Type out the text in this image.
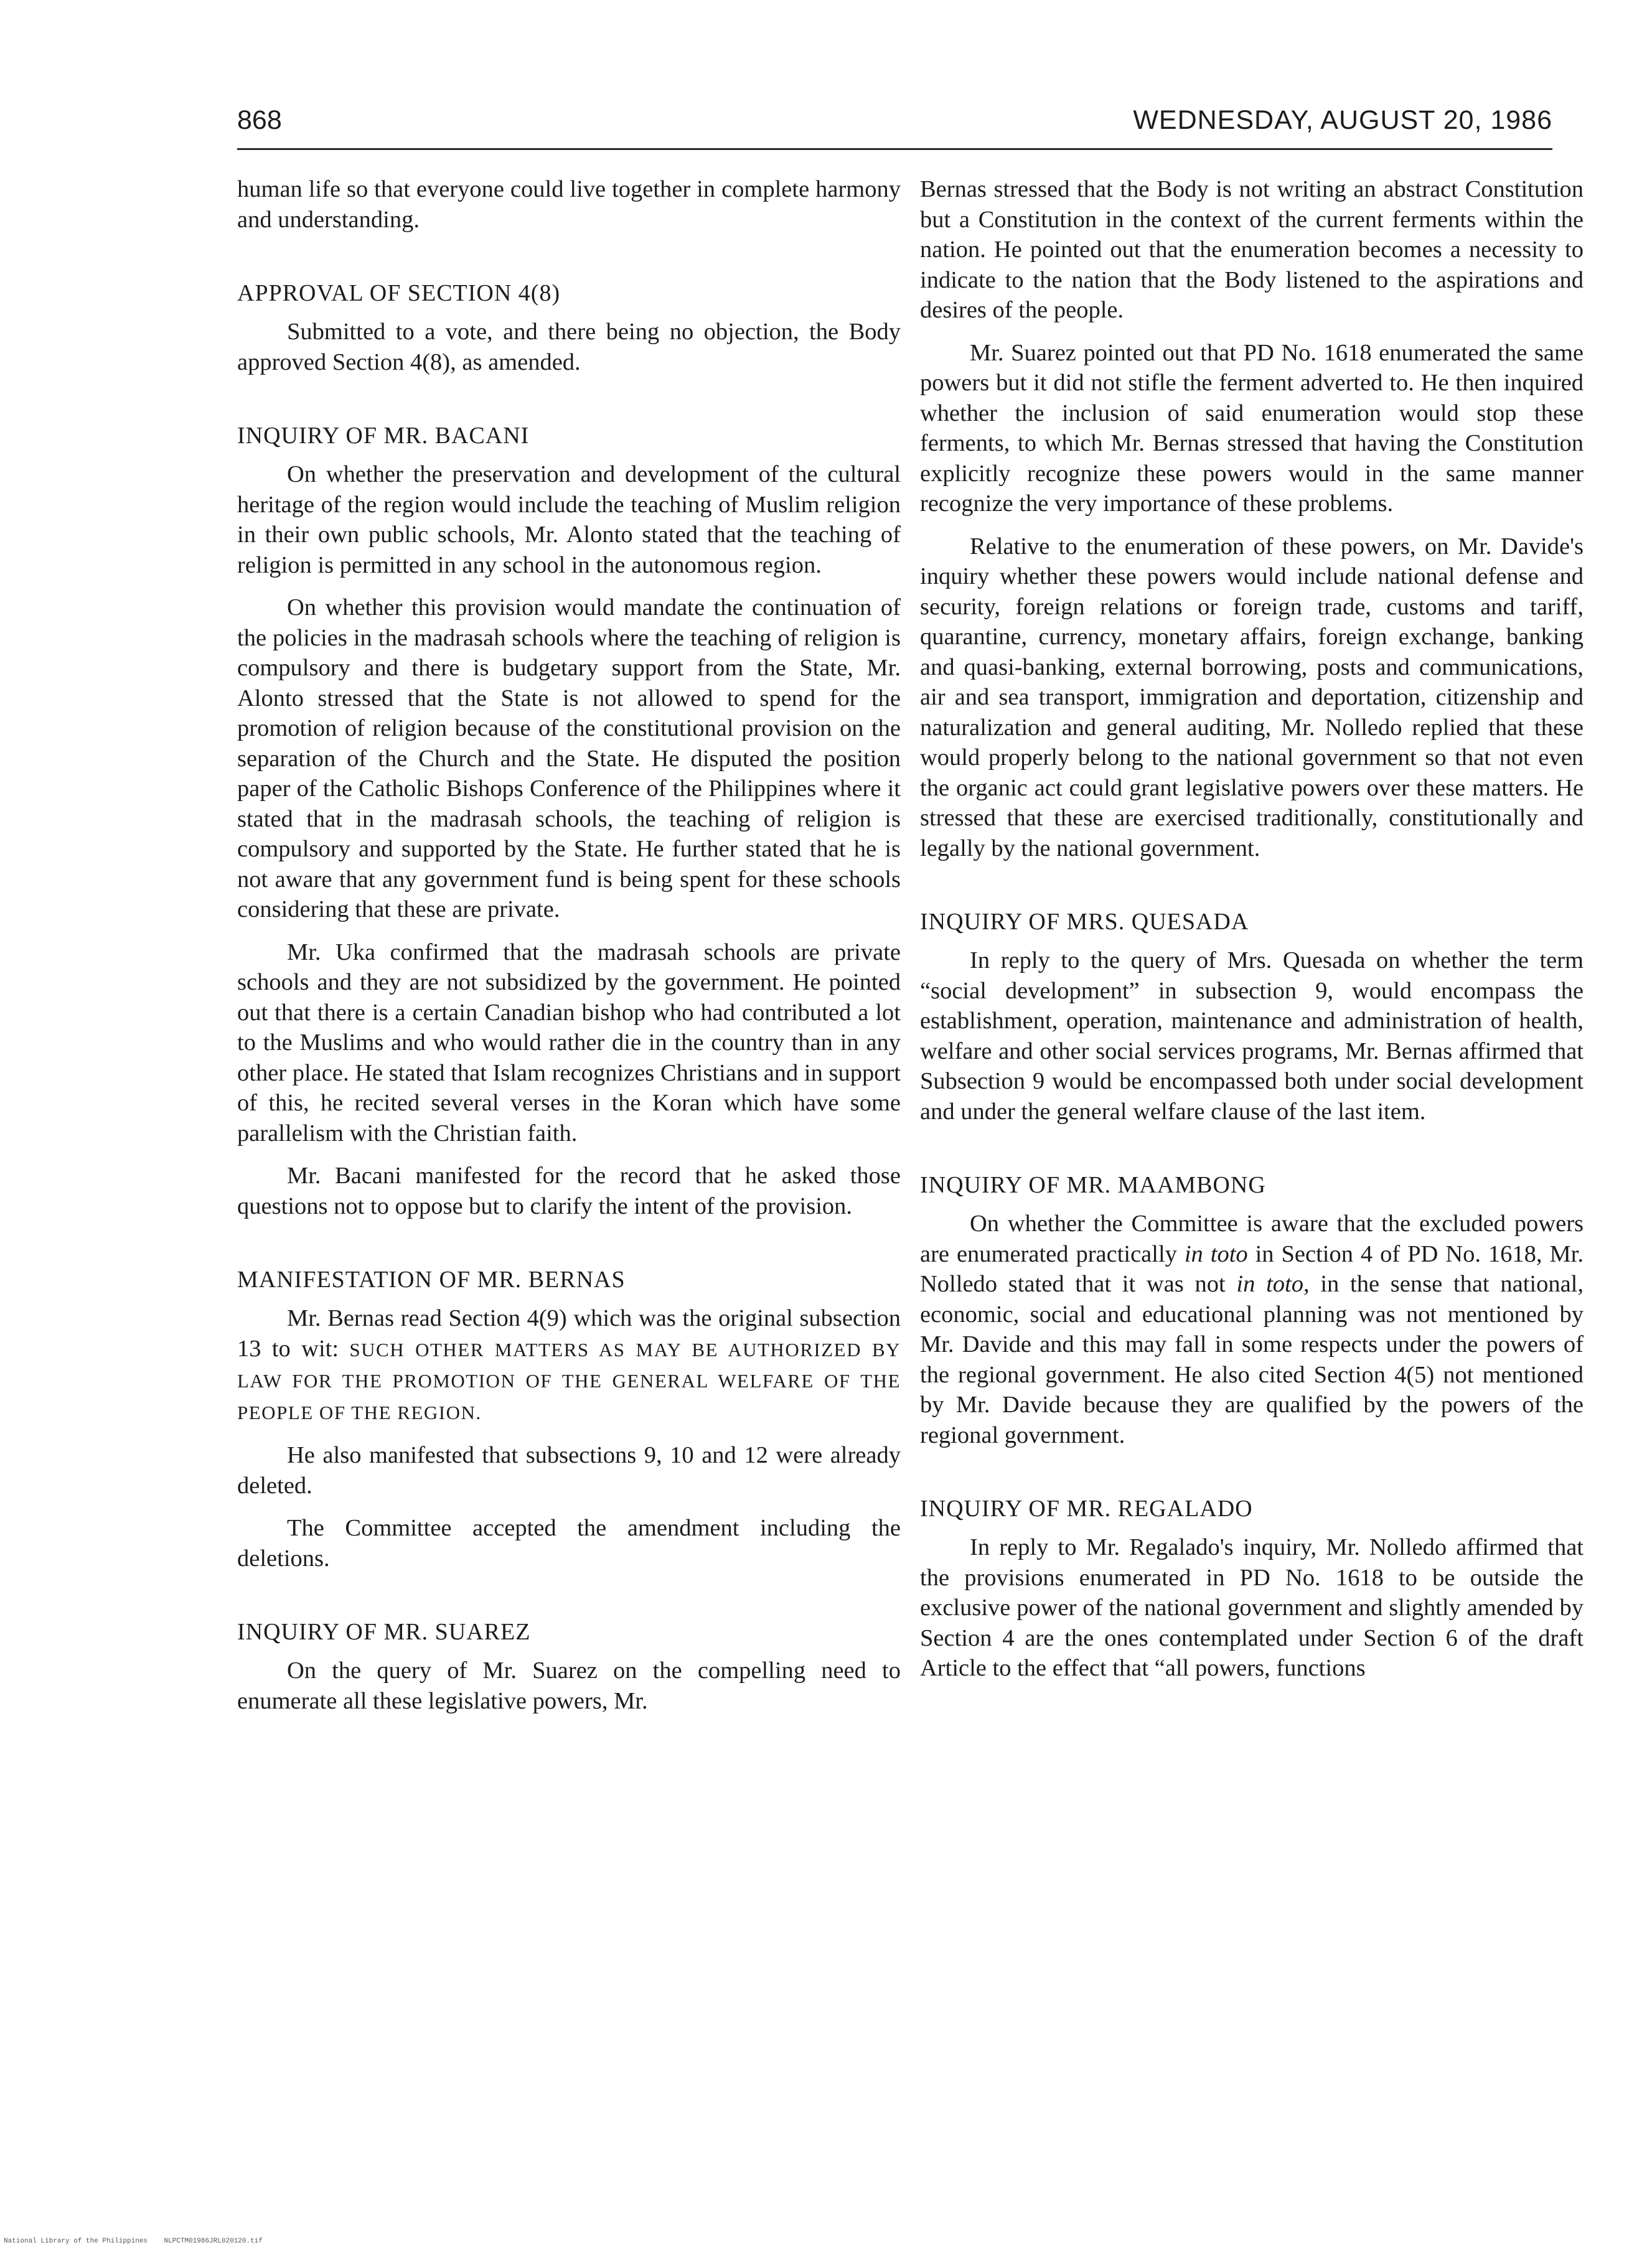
868	WEDNESDAY, AUGUST 20, 1986

human life so that everyone could live together in complete harmony and understanding.

APPROVAL OF SECTION 4(8)

Submitted to a vote, and there being no objection, the Body approved Section 4(8), as amended.

INQUIRY OF MR. BACANI

On whether the preservation and development of the cultural heritage of the region would include the teaching of Muslim religion in their own public schools, Mr. Alonto stated that the teaching of religion is permitted in any school in the autonomous region.

On whether this provision would mandate the continuation of the policies in the madrasah schools where the teaching of religion is compulsory and there is budgetary support from the State, Mr. Alonto stressed that the State is not allowed to spend for the promotion of religion because of the constitutional provision on the separation of the Church and the State. He disputed the position paper of the Catholic Bishops Conference of the Philippines where it stated that in the madrasah schools, the teaching of religion is compulsory and supported by the State. He further stated that he is not aware that any government fund is being spent for these schools considering that these are private.

Mr. Uka confirmed that the madrasah schools are private schools and they are not subsidized by the government. He pointed out that there is a certain Canadian bishop who had contributed a lot to the Muslims and who would rather die in the country than in any other place. He stated that Islam recognizes Christians and in support of this, he recited several verses in the Koran which have some parallelism with the Christian faith.

Mr. Bacani manifested for the record that he asked those questions not to oppose but to clarify the intent of the provision.

MANIFESTATION OF MR. BERNAS

Mr. Bernas read Section 4(9) which was the original subsection 13 to wit: SUCH OTHER MATTERS AS MAY BE AUTHORIZED BY LAW FOR THE PROMOTION OF THE GENERAL WELFARE OF THE PEOPLE OF THE REGION.

He also manifested that subsections 9, 10 and 12 were already deleted.

The Committee accepted the amendment including the deletions.

INQUIRY OF MR. SUAREZ

On the query of Mr. Suarez on the compelling need to enumerate all these legislative powers, Mr.

Bernas stressed that the Body is not writing an abstract Constitution but a Constitution in the context of the current ferments within the nation. He pointed out that the enumeration becomes a necessity to indicate to the nation that the Body listened to the aspirations and desires of the people.

Mr. Suarez pointed out that PD No. 1618 enumerated the same powers but it did not stifle the ferment adverted to. He then inquired whether the inclusion of said enumeration would stop these ferments, to which Mr. Bernas stressed that having the Constitution explicitly recognize these powers would in the same manner recognize the very importance of these problems.

Relative to the enumeration of these powers, on Mr. Davide's inquiry whether these powers would include national defense and security, foreign relations or foreign trade, customs and tariff, quarantine, currency, monetary affairs, foreign exchange, banking and quasi-banking, external borrowing, posts and communications, air and sea transport, immigration and deportation, citizenship and naturalization and general auditing, Mr. Nolledo replied that these would properly belong to the national government so that not even the organic act could grant legislative powers over these matters. He stressed that these are exercised traditionally, constitutionally and legally by the national government.

INQUIRY OF MRS. QUESADA

In reply to the query of Mrs. Quesada on whether the term “social development” in subsection 9, would encompass the establishment, operation, maintenance and administration of health, welfare and other social services programs, Mr. Bernas affirmed that Subsection 9 would be encompassed both under social development and under the general welfare clause of the last item.

INQUIRY OF MR. MAAMBONG

On whether the Committee is aware that the excluded powers are enumerated practically in toto in Section 4 of PD No. 1618, Mr. Nolledo stated that it was not in toto, in the sense that national, economic, social and educational planning was not mentioned by Mr. Davide and this may fall in some respects under the powers of the regional government. He also cited Section 4(5) not mentioned by Mr. Davide because they are qualified by the powers of the regional government.

INQUIRY OF MR. REGALADO

In reply to Mr. Regalado's inquiry, Mr. Nolledo affirmed that the provisions enumerated in PD No. 1618 to be outside the exclusive power of the national government and slightly amended by Section 4 are the ones contemplated under Section 6 of the draft Article to the effect that “all powers, functions

National Library of the Philippines NLPCTM01986JRL020120.tif
